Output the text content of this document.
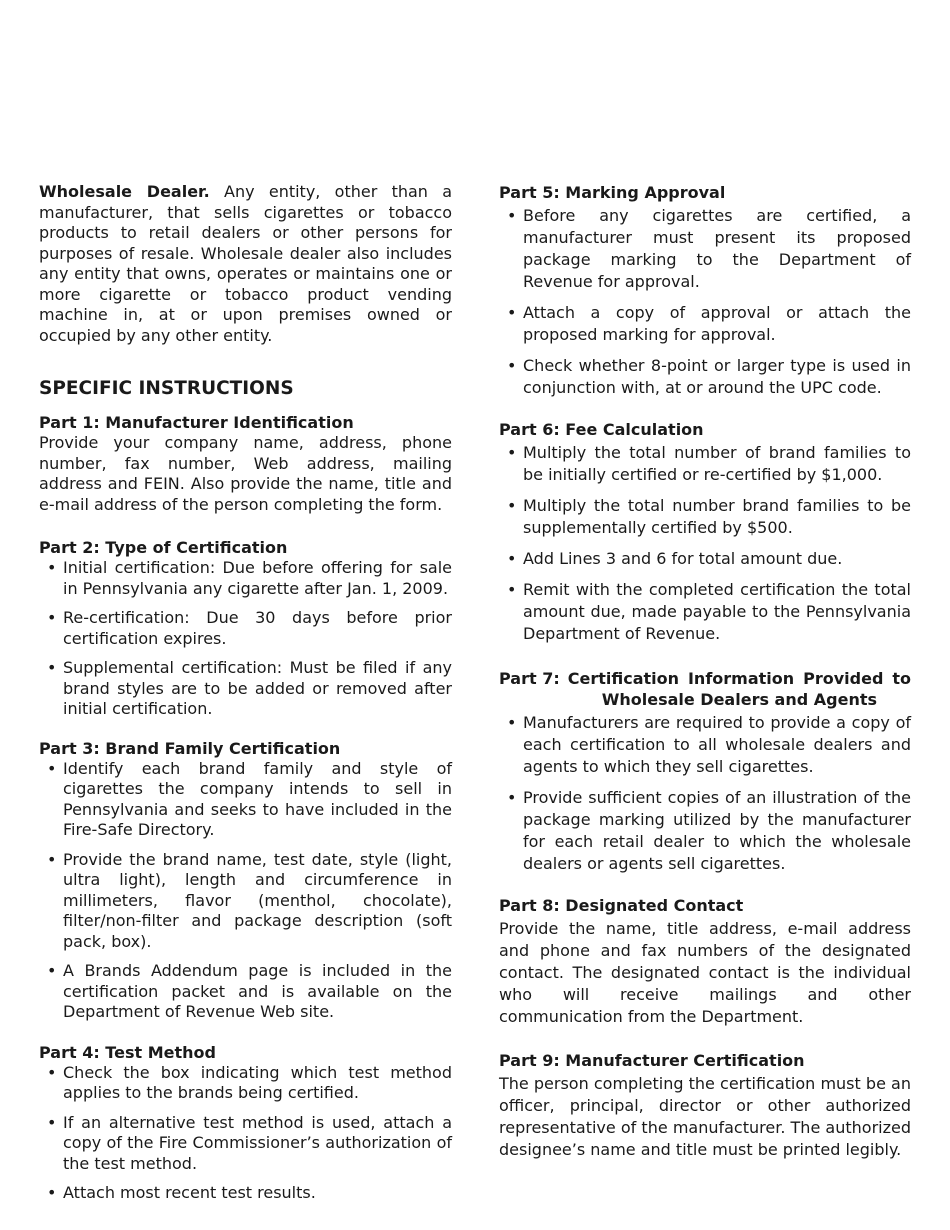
Wholesale Dealer. Any entity, other than a manufacturer, that sells cigarettes or tobacco products to retail dealers or other persons for purposes of resale. Wholesale dealer also includes any entity that owns, operates or maintains one or more cigarette or tobacco product vending machine in, at or upon premises owned or occupied by any other entity.

SPECIFIC INSTRUCTIONS
Part 1: Manufacturer Identification

Provide your company name, address, phone number, fax number, Web address, mailing address and FEIN. Also provide the name, title and e-mail address of the person completing the form.

Part 2: Type of Certification
• Initial certification: Due before offering for sale in Pennsylvania any cigarette after Jan. 1, 2009.
• Re-certification: Due 30 days before prior certification expires.
• Supplemental certification: Must be filed if any brand styles are to be added or removed after initial certification.
Part 3: Brand Family Certification
• Identify each brand family and style of cigarettes the company intends to sell in Pennsylvania and seeks to have included in the Fire-Safe Directory.
• Provide the brand name, test date, style (light, ultra light), length and circumference in millimeters, flavor (menthol, chocolate), filter/non-filter and package description (soft pack, box).
• A Brands Addendum page is included in the certification packet and is available on the Department of Revenue Web site.
Part 4: Test Method
• Check the box indicating which test method applies to the brands being certified.
• If an alternative test method is used, attach a copy of the Fire Commissioner’s authorization of the test method.
• Attach most recent test results.
Part 5: Marking Approval
• Before any cigarettes are certified, a manufacturer must present its proposed package marking to the Department of Revenue for approval.
• Attach a copy of approval or attach the proposed marking for approval.
• Check whether 8-point or larger type is used in conjunction with, at or around the UPC code.
Part 6: Fee Calculation
• Multiply the total number of brand families to be initially certified or re-certified by $1,000.
• Multiply the total number brand families to be supplementally certified by $500.
• Add Lines 3 and 6 for total amount due.
• Remit with the completed certification the total amount due, made payable to the Pennsylvania Department of Revenue.
Part 7: Certification Information Provided to
Wholesale Dealers and Agents
• Manufacturers are required to provide a copy of each certification to all wholesale dealers and agents to which they sell cigarettes.
• Provide sufficient copies of an illustration of the package marking utilized by the manufacturer for each retail dealer to which the wholesale dealers or agents sell cigarettes.
Part 8: Designated Contact

Provide the name, title address, e-mail address and phone and fax numbers of the designated contact. The designated contact is the individual who will receive mailings and other communication from the Department.

Part 9: Manufacturer Certification

The person completing the certification must be an officer, principal, director or other authorized representative of the manufacturer. The authorized designee’s name and title must be printed legibly.
